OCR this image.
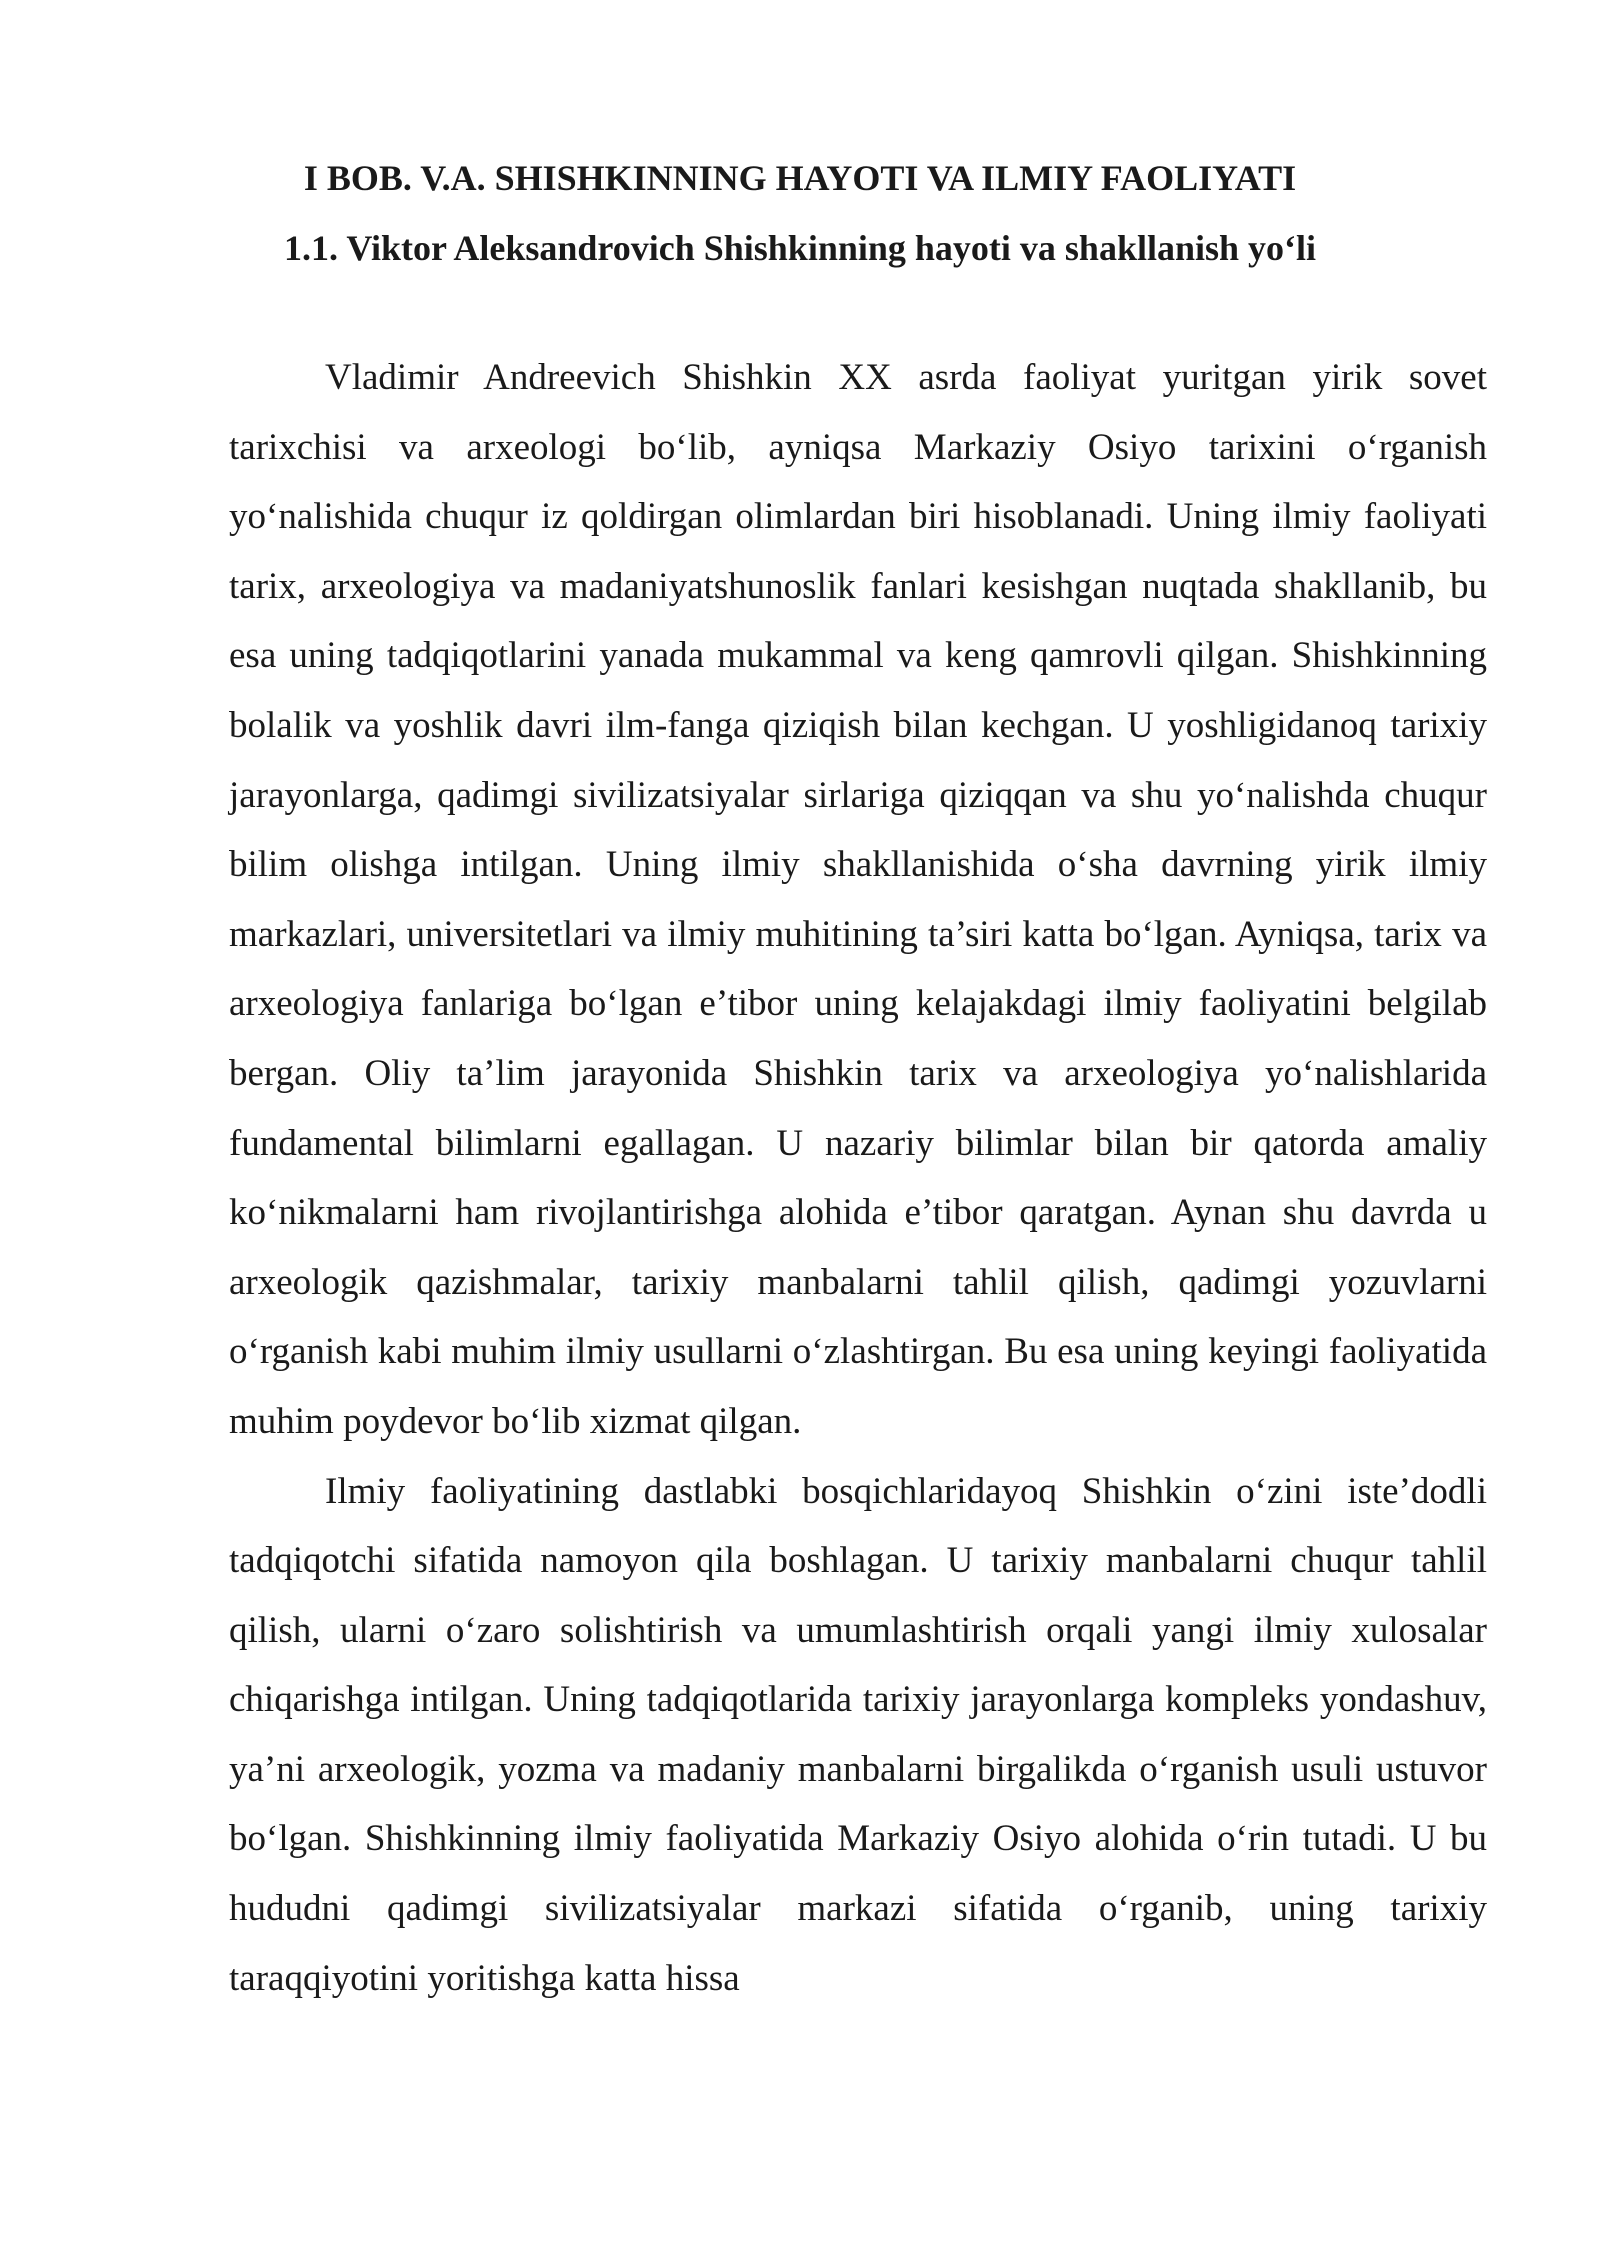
I BOB. V.A. SHISHKINNING HAYOTI VA ILMIY FAOLIYATI
1.1. Viktor Aleksandrovich Shishkinning hayoti va shakllanish yo‘li

Vladimir Andreevich Shishkin XX asrda faoliyat yuritgan yirik sovet tarixchisi va arxeologi bo‘lib, ayniqsa Markaziy Osiyo tarixini o‘rganish yo‘nalishida chuqur iz qoldirgan olimlardan biri hisoblanadi. Uning ilmiy faoliyati tarix, arxeologiya va madaniyatshunoslik fanlari kesishgan nuqtada shakllanib, bu esa uning tadqiqotlarini yanada mukammal va keng qamrovli qilgan. Shishkinning bolalik va yoshlik davri ilm-fanga qiziqish bilan kechgan. U yoshligidanoq tarixiy jarayonlarga, qadimgi sivilizatsiyalar sirlariga qiziqqan va shu yo‘nalishda chuqur bilim olishga intilgan. Uning ilmiy shakllanishida o‘sha davrning yirik ilmiy markazlari, universitetlari va ilmiy muhitining ta’siri katta bo‘lgan. Ayniqsa, tarix va arxeologiya fanlariga bo‘lgan e’tibor uning kelajakdagi ilmiy faoliyatini belgilab bergan. Oliy ta’lim jarayonida Shishkin tarix va arxeologiya yo‘nalishlarida fundamental bilimlarni egallagan. U nazariy bilimlar bilan bir qatorda amaliy ko‘nikmalarni ham rivojlantirishga alohida e’tibor qaratgan. Aynan shu davrda u arxeologik qazishmalar, tarixiy manbalarni tahlil qilish, qadimgi yozuvlarni o‘rganish kabi muhim ilmiy usullarni o‘zlashtirgan. Bu esa uning keyingi faoliyatida muhim poydevor bo‘lib xizmat qilgan.

Ilmiy faoliyatining dastlabki bosqichlaridayoq Shishkin o‘zini iste’dodli tadqiqotchi sifatida namoyon qila boshlagan. U tarixiy manbalarni chuqur tahlil qilish, ularni o‘zaro solishtirish va umumlashtirish orqali yangi ilmiy xulosalar chiqarishga intilgan. Uning tadqiqotlarida tarixiy jarayonlarga kompleks yondashuv, ya’ni arxeologik, yozma va madaniy manbalarni birgalikda o‘rganish usuli ustuvor bo‘lgan. Shishkinning ilmiy faoliyatida Markaziy Osiyo alohida o‘rin tutadi. U bu hududni qadimgi sivilizatsiyalar markazi sifatida o‘rganib, uning tarixiy taraqqiyotini yoritishga katta hissa
